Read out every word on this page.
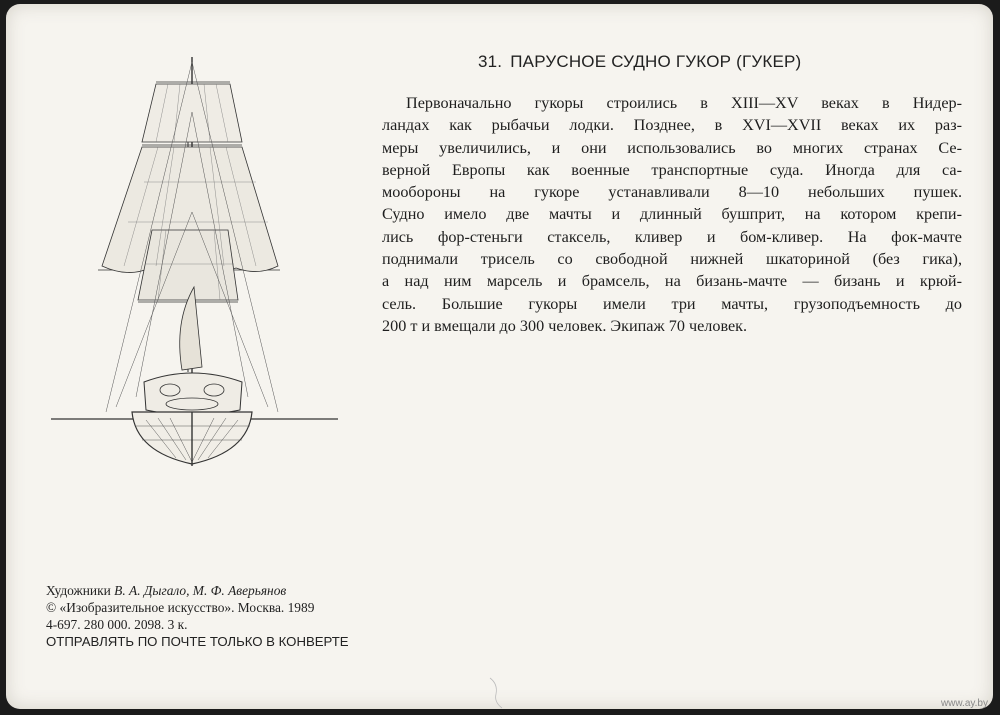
31. ПАРУСНОЕ СУДНО ГУКОР (ГУКЕР)
Первоначально гукоры строились в XIII—XV веках в Нидер-
ландах как рыбачьи лодки. Позднее, в XVI—XVII веках их раз-
меры увеличились, и они использовались во многих странах Се-
верной Европы как военные транспортные суда. Иногда для са-
мообороны на гукоре устанавливали 8—10 небольших пушек.
Судно имело две мачты и длинный бушприт, на котором крепи-
лись фор-стеньги стаксель, кливер и бом-кливер. На фок-мачте
поднимали трисель со свободной нижней шкаториной (без гика),
а над ним марсель и брамсель, на бизань-мачте — бизань и крюй-
сель. Большие гукоры имели три мачты, грузоподъемность до
200 т и вмещали до 300 человек. Экипаж 70 человек.
Художники В. А. Дыгало, М. Ф. Аверьянов
© «Изобразительное искусство». Москва. 1989
4-697. 280 000. 2098. 3 к.
ОТПРАВЛЯТЬ ПО ПОЧТЕ ТОЛЬКО В КОНВЕРТЕ
www.ay.by
